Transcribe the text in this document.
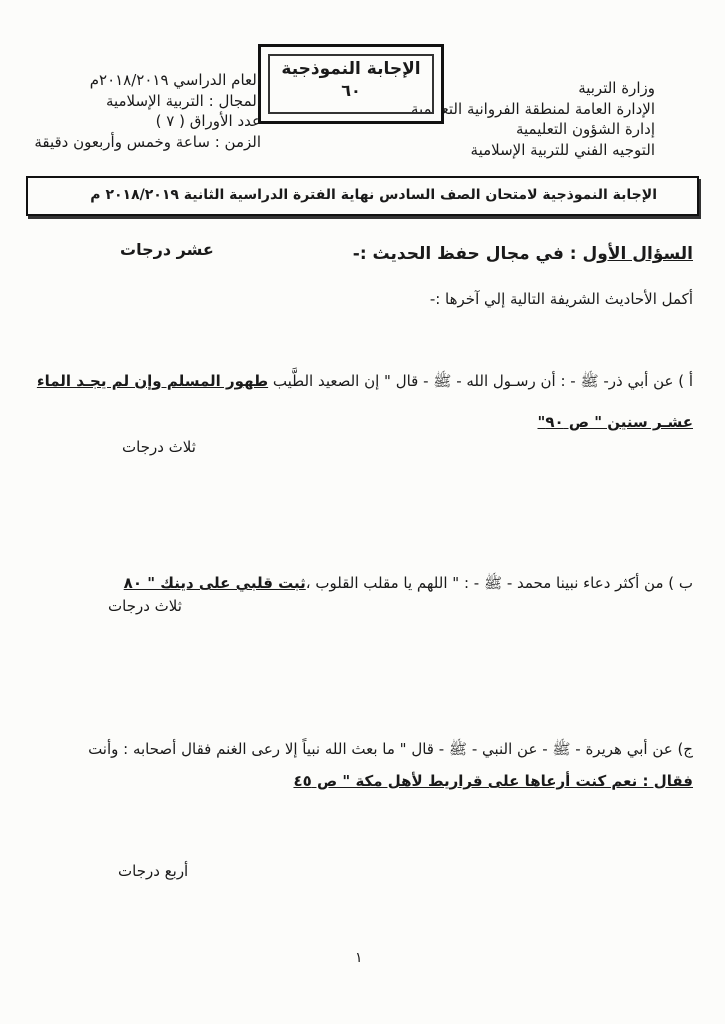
وزارة التربية
الإدارة العامة لمنطقة الفروانية التعليمية
إدارة الشؤون التعليمية
التوجيه الفني للتربية الإسلامية
الإجابة النموذجية
٦٠
العام الدراسي ٢٠١٨/٢٠١٩م
المجال : التربية الإسلامية
عدد الأوراق ( ٧ )
الزمن : ساعة وخمس وأربعون دقيقة
الإجابة النموذجية لامتحان الصف السادس نهاية الفترة الدراسية الثانية ٢٠١٨/٢٠١٩ م
السؤال الأول : في مجال حفظ الحديث :-
عشر درجات
أكمل الأحاديث الشريفة التالية إلي آخرها :-
أ ) عن أبي ذر- ﷺ - : أن رسـول الله - ﷺ - قال " إن الصعيد الطَّيب طهور المسلم وإن لم يجـد الماء
عشـر سنين " ص ٩٠"
ثلاث درجات
ب ) من أكثر دعاء نبينا محمد - ﷺ - : " اللهم يا مقلب القلوب ،ثبت قلبي على دينك " ٨٠
ثلاث درجات
ج) عن أبي هريرة - ﷺ - عن النبي - ﷺ - قال " ما بعث الله نبياً إلا رعى الغنم فقال أصحابه : وأنت
فقال : نعم كنت أرعاها على قراريط لأهل مكة " ص ٤٥
أربع درجات
١
